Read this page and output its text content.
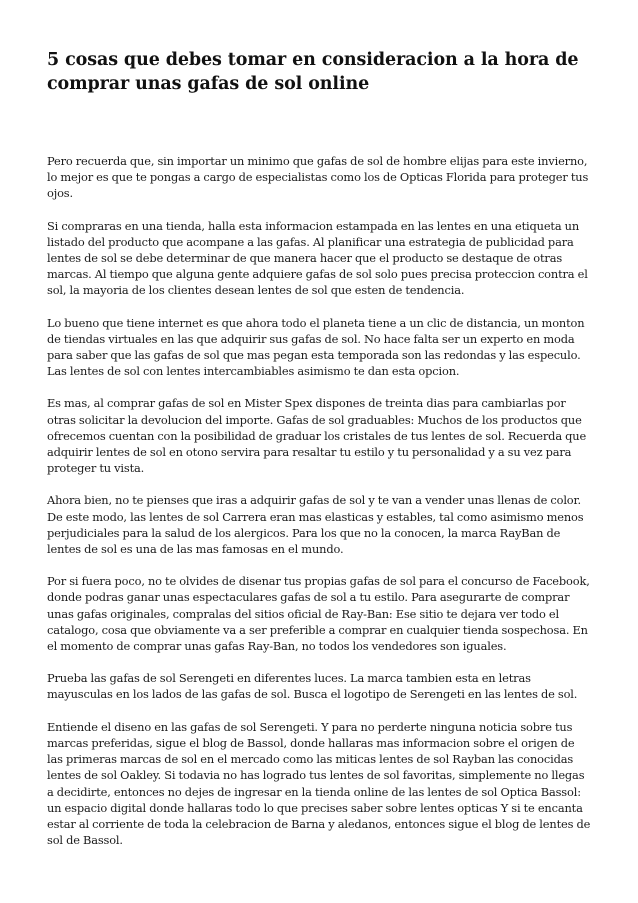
5 cosas que debes tomar en consideracion a la hora de comprar unas gafas de sol online

Pero recuerda que, sin importar un minimo que gafas de sol de hombre elijas para este invierno, lo mejor es que te pongas a cargo de especialistas como los de Opticas Florida para proteger tus ojos.

Si compraras en una tienda, halla esta informacion estampada en las lentes en una etiqueta un listado del producto que acompane a las gafas. Al planificar una estrategia de publicidad para lentes de sol se debe determinar de que manera hacer que el producto se destaque de otras marcas. Al tiempo que alguna gente adquiere gafas de sol solo pues precisa proteccion contra el sol, la mayoria de los clientes desean lentes de sol que esten de tendencia.

Lo bueno que tiene internet es que ahora todo el planeta tiene a un clic de distancia, un monton de tiendas virtuales en las que adquirir sus gafas de sol. No hace falta ser un experto en moda para saber que las gafas de sol que mas pegan esta temporada son las redondas y las especulo. Las lentes de sol con lentes intercambiables asimismo te dan esta opcion.

Es mas, al comprar gafas de sol en Mister Spex dispones de treinta dias para cambiarlas por otras solicitar la devolucion del importe. Gafas de sol graduables: Muchos de los productos que ofrecemos cuentan con la posibilidad de graduar los cristales de tus lentes de sol. Recuerda que adquirir lentes de sol en otono servira para resaltar tu estilo y tu personalidad y a su vez para proteger tu vista.

Ahora bien, no te pienses que iras a adquirir gafas de sol y te van a vender unas llenas de color. De este modo, las lentes de sol Carrera eran mas elasticas y estables, tal como asimismo menos perjudiciales para la salud de los alergicos. Para los que no la conocen, la marca RayBan de lentes de sol es una de las mas famosas en el mundo.

Por si fuera poco, no te olvides de disenar tus propias gafas de sol para el concurso de Facebook, donde podras ganar unas espectaculares gafas de sol a tu estilo. Para asegurarte de comprar unas gafas originales, compralas del sitios oficial de Ray-Ban: Ese sitio te dejara ver todo el catalogo, cosa que obviamente va a ser preferible a comprar en cualquier tienda sospechosa. En el momento de comprar unas gafas Ray-Ban, no todos los vendedores son iguales.

Prueba las gafas de sol Serengeti en diferentes luces. La marca tambien esta en letras mayusculas en los lados de las gafas de sol. Busca el logotipo de Serengeti en las lentes de sol.

Entiende el diseno en las gafas de sol Serengeti. Y para no perderte ninguna noticia sobre tus marcas preferidas, sigue el blog de Bassol, donde hallaras mas informacion sobre el origen de las primeras marcas de sol en el mercado como las miticas lentes de sol Rayban las conocidas lentes de sol Oakley. Si todavia no has logrado tus lentes de sol favoritas, simplemente no llegas a decidirte, entonces no dejes de ingresar en la tienda online de las lentes de sol Optica Bassol: un espacio digital donde hallaras todo lo que precises saber sobre lentes opticas Y si te encanta estar al corriente de toda la celebracion de Barna y aledanos, entonces sigue el blog de lentes de sol de Bassol.
